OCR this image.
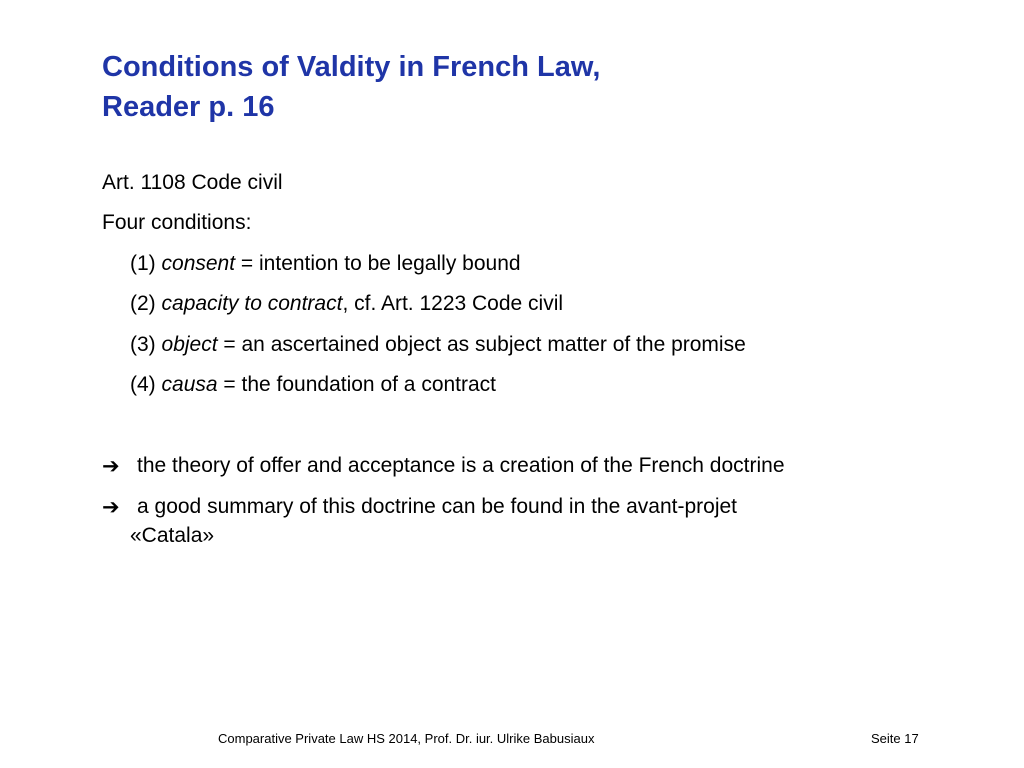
Conditions of Valdity in French Law,
Reader p. 16
Art. 1108 Code civil
Four conditions:
(1) consent = intention to be legally bound
(2) capacity to contract, cf. Art. 1223 Code civil
(3) object = an ascertained object as subject matter of the promise
(4) causa = the foundation of a contract
➔ the theory of offer and acceptance is a creation of the French doctrine
➔ a good summary of this doctrine can be found in the avant-projet
«Catala»
Comparative Private Law HS 2014, Prof. Dr. iur. Ulrike Babusiaux	Seite 17
